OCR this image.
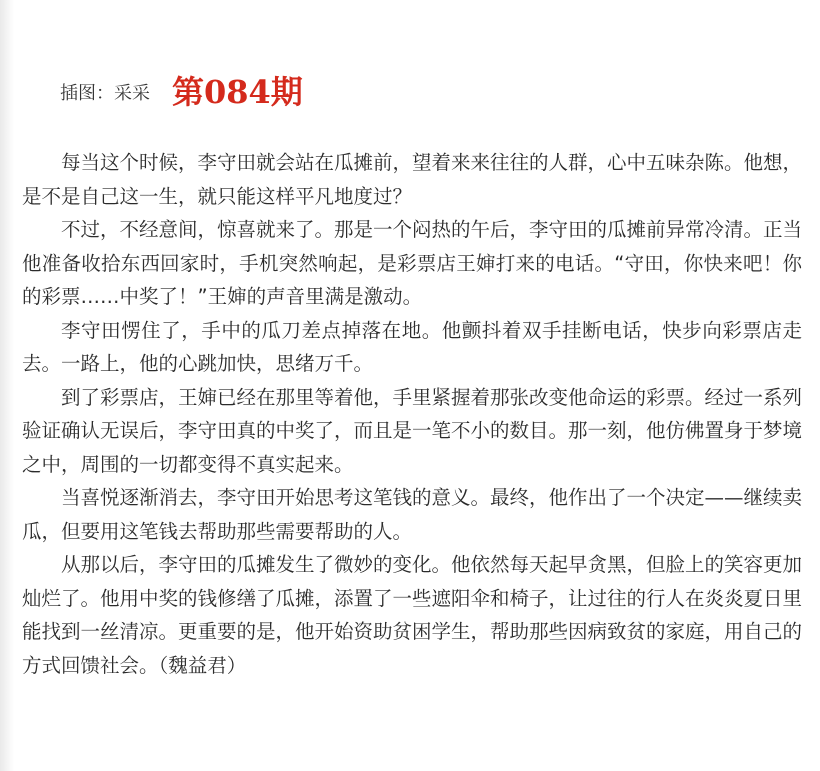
插图：采采 第084期

每当这个时候，李守田就会站在瓜摊前，望着来来往往的人群，心中五味杂陈。他想，是不是自己这一生，就只能这样平凡地度过？

不过，不经意间，惊喜就来了。那是一个闷热的午后，李守田的瓜摊前异常冷清。正当他准备收拾东西回家时，手机突然响起，是彩票店王婶打来的电话。“守田，你快来吧！你的彩票……中奖了！”王婶的声音里满是激动。

李守田愣住了，手中的瓜刀差点掉落在地。他颤抖着双手挂断电话，快步向彩票店走去。一路上，他的心跳加快，思绪万千。

到了彩票店，王婶已经在那里等着他，手里紧握着那张改变他命运的彩票。经过一系列验证确认无误后，李守田真的中奖了，而且是一笔不小的数目。那一刻，他仿佛置身于梦境之中，周围的一切都变得不真实起来。

当喜悦逐渐消去，李守田开始思考这笔钱的意义。最终，他作出了一个决定——继续卖瓜，但要用这笔钱去帮助那些需要帮助的人。

从那以后，李守田的瓜摊发生了微妙的变化。他依然每天起早贪黑，但脸上的笑容更加灿烂了。他用中奖的钱修缮了瓜摊，添置了一些遮阳伞和椅子，让过往的行人在炎炎夏日里能找到一丝清凉。更重要的是，他开始资助贫困学生，帮助那些因病致贫的家庭，用自己的方式回馈社会。（魏益君）
